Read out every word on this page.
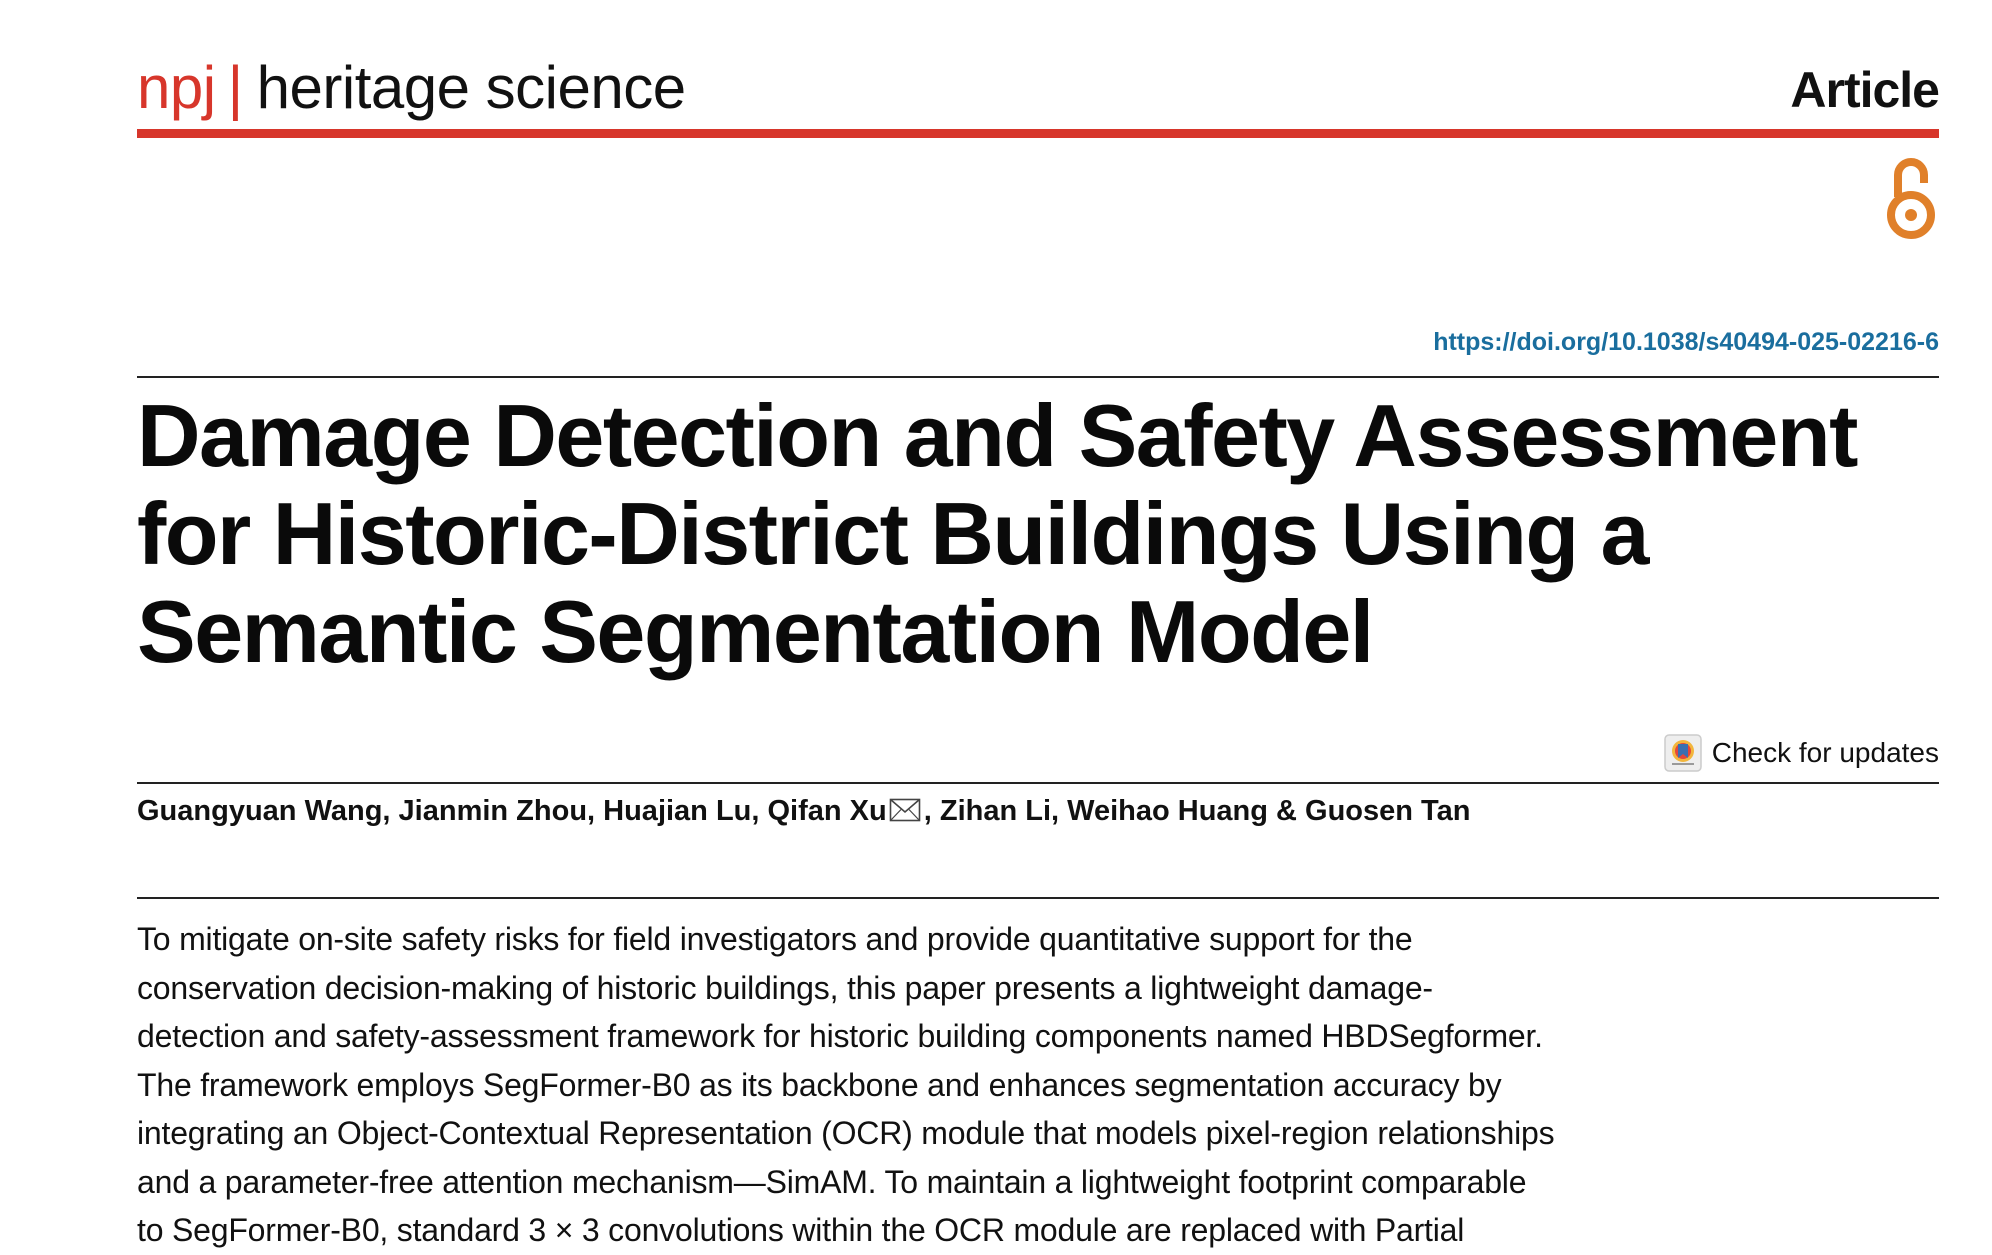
npj | heritage science	Article
https://doi.org/10.1038/s40494-025-02216-6
Damage Detection and Safety Assessment for Historic-District Buildings Using a Semantic Segmentation Model
Check for updates
Guangyuan Wang, Jianmin Zhou, Huajian Lu, Qifan Xu , Zihan Li, Weihao Huang & Guosen Tan
To mitigate on-site safety risks for field investigators and provide quantitative support for the
conservation decision-making of historic buildings, this paper presents a lightweight damage-
detection and safety-assessment framework for historic building components named HBDSegformer.
The framework employs SegFormer-B0 as its backbone and enhances segmentation accuracy by
integrating an Object-Contextual Representation (OCR) module that models pixel-region relationships
and a parameter-free attention mechanism—SimAM. To maintain a lightweight footprint comparable
to SegFormer-B0, standard 3 × 3 convolutions within the OCR module are replaced with Partial
